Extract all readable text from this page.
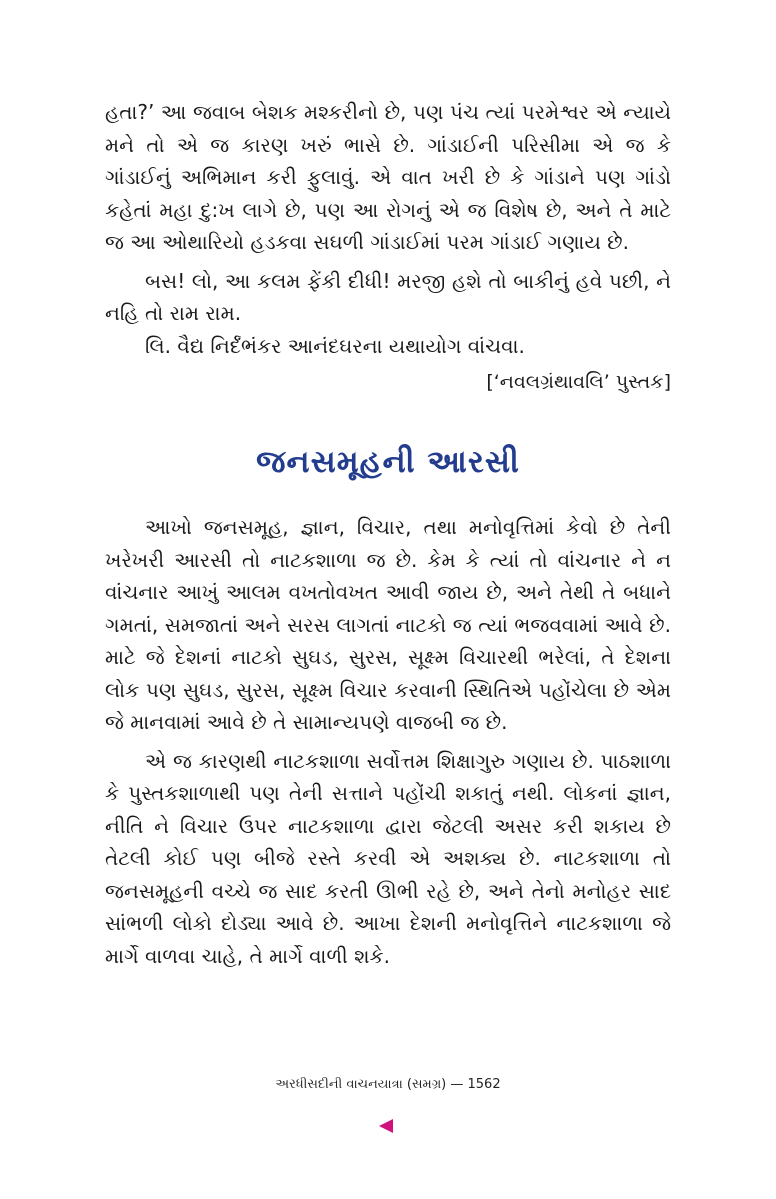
હતા?’ આ જવાબ બેશક મશ્કરીનો છે, પણ પંચ ત્યાં પરમેશ્વર એ ન્યાયે મને તો એ જ કારણ ખરું ભાસે છે. ગાંડાઈની પરિસીમા એ જ કે ગાંડાઈનું અભિમાન કરી ફુલાવું. એ વાત ખરી છે કે ગાંડાને પણ ગાંડો કહેતાં મહા દુ:ખ લાગે છે, પણ આ રોગનું એ જ વિશેષ છે, અને તે માટે જ આ ઓથારિયો હડકવા સઘળી ગાંડાઈમાં પરમ ગાંડાઈ ગણાય છે.

બસ! લો, આ કલમ ફેંકી દીધી! મરજી હશે તો બાકીનું હવે પછી, ને નહિ તો રામ રામ.

લિ. વૈદ્ય નિર્દંભંકર આનંદઘરના યથાયોગ વાંચવા.

[‘નવલગ્રંથાવલિ’ પુસ્તક]
જનસમૂહની આરસી

આખો જનસમૂહ, જ્ઞાન, વિચાર, તથા મનોવૃત્તિમાં કેવો છે તેની ખરેખરી આરસી તો નાટકશાળા જ છે. કેમ કે ત્યાં તો વાંચનાર ને ન વાંચનાર આખું આલમ વખતોવખત આવી જાય છે, અને તેથી તે બધાને ગમતાં, સમજાતાં અને સરસ લાગતાં નાટકો જ ત્યાં ભજવવામાં આવે છે. માટે જે દેશનાં નાટકો સુઘડ, સુરસ, સૂક્ષ્મ વિચારથી ભરેલાં, તે દેશના લોક પણ સુઘડ, સુરસ, સૂક્ષ્મ વિચાર કરવાની સ્થિતિએ પહોંચેલા છે એમ જે માનવામાં આવે છે તે સામાન્યપણે વાજબી જ છે.

એ જ કારણથી નાટકશાળા સર્વોત્તમ શિક્ષાગુરુ ગણાય છે. પાઠશાળા કે પુસ્તકશાળાથી પણ તેની સત્તાને પહોંચી શકાતું નથી. લોકનાં જ્ઞાન, નીતિ ને વિચાર ઉપર નાટકશાળા દ્વારા જેટલી અસર કરી શકાય છે તેટલી કોઈ પણ બીજે રસ્તે કરવી એ અશક્ય છે. નાટકશાળા તો જનસમૂહની વચ્ચે જ સાદ કરતી ઊભી રહે છે, અને તેનો મનોહર સાદ સાંભળી લોકો દોડ્યા આવે છે. આખા દેશની મનોવૃત્તિને નાટકશાળા જે માર્ગે વાળવા ચાહે, તે માર્ગે વાળી શકે.

અરધીસદીની વાચનયાત્રા (સમગ્ર) — 1562
